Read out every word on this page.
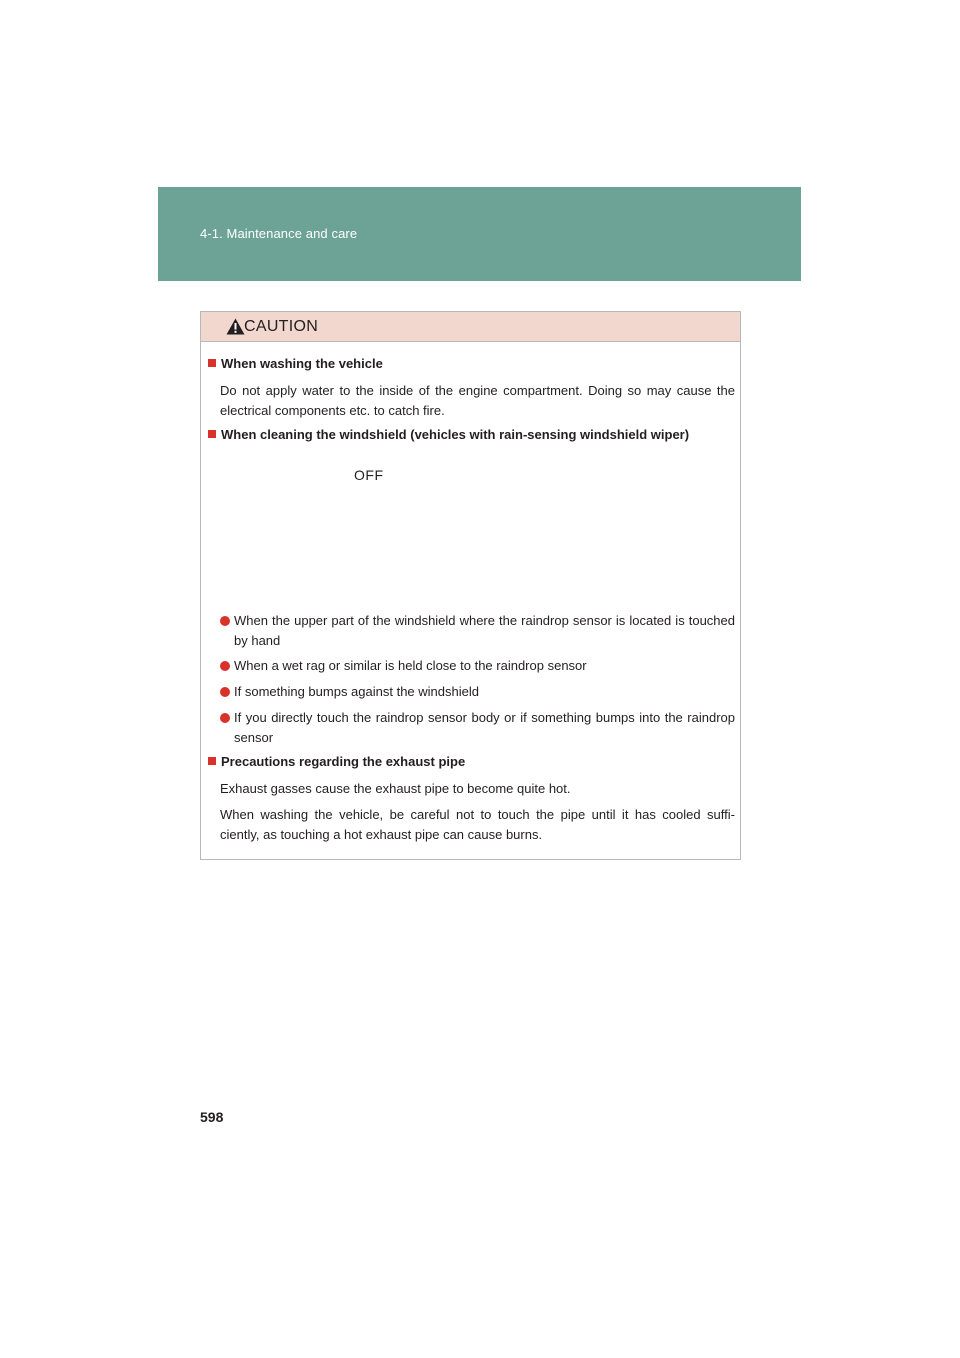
4-1. Maintenance and care
CAUTION
When washing the vehicle
Do not apply water to the inside of the engine compartment. Doing so may cause the electrical components etc. to catch fire.
When cleaning the windshield (vehicles with rain-sensing windshield wiper)
OFF
When the upper part of the windshield where the raindrop sensor is located is touched by hand
When a wet rag or similar is held close to the raindrop sensor
If something bumps against the windshield
If you directly touch the raindrop sensor body or if something bumps into the raindrop sensor
Precautions regarding the exhaust pipe
Exhaust gasses cause the exhaust pipe to become quite hot.
When washing the vehicle, be careful not to touch the pipe until it has cooled suffi- ciently, as touching a hot exhaust pipe can cause burns.
598
